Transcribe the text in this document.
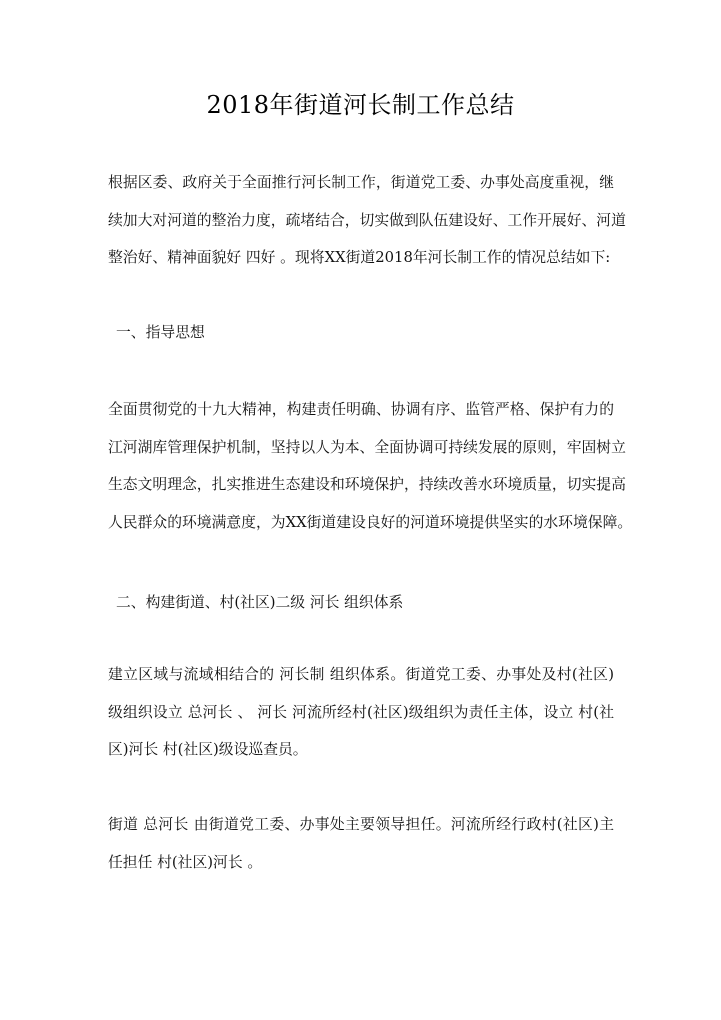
2018年街道河长制工作总结
根据区委、政府关于全面推行河长制工作，街道党工委、办事处高度重视，继
续加大对河道的整治力度，疏堵结合，切实做到队伍建设好、工作开展好、河道
整治好、精神面貌好 四好 。现将XX街道2018年河长制工作的情况总结如下:
一、指导思想
全面贯彻党的十九大精神，构建责任明确、协调有序、监管严格、保护有力的
江河湖库管理保护机制，坚持以人为本、全面协调可持续发展的原则，牢固树立
生态文明理念，扎实推进生态建设和环境保护，持续改善水环境质量，切实提高
人民群众的环境满意度，为XX街道建设良好的河道环境提供坚实的水环境保障。
二、构建街道、村(社区)二级 河长 组织体系
建立区域与流域相结合的 河长制 组织体系。街道党工委、办事处及村(社区)
级组织设立 总河长 、 河长 河流所经村(社区)级组织为责任主体，设立 村(社
区)河长 村(社区)级设巡查员。
街道 总河长 由街道党工委、办事处主要领导担任。河流所经行政村(社区)主
任担任 村(社区)河长 。
